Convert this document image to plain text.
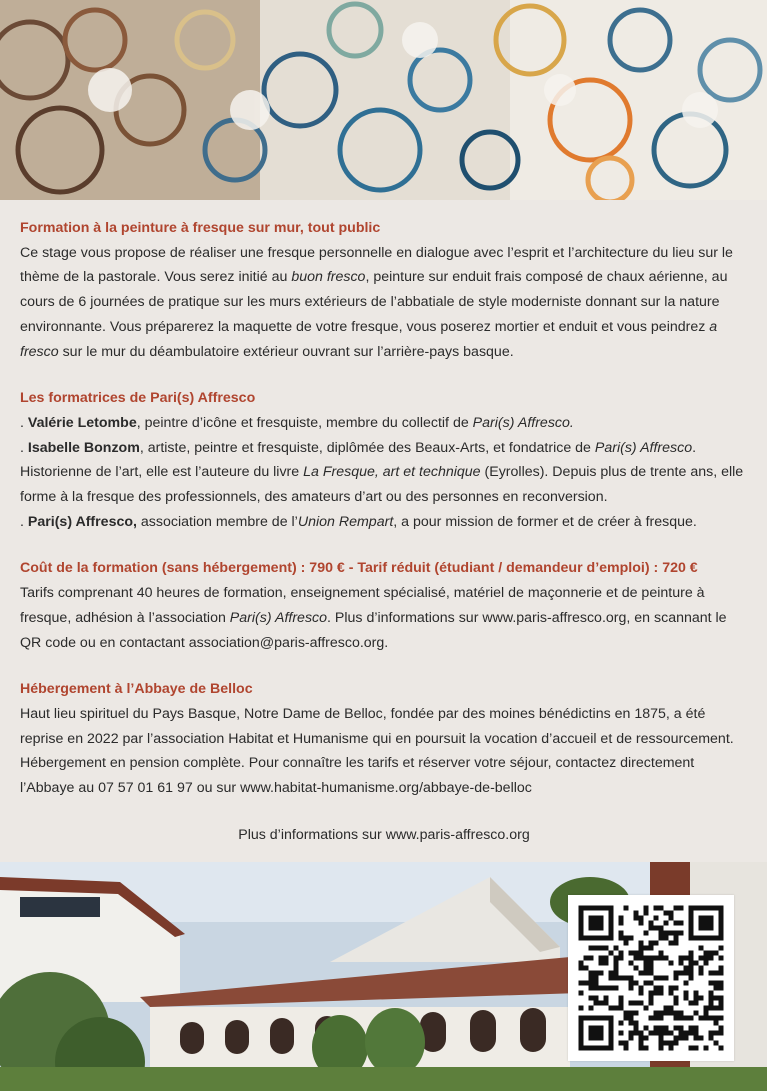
Formation à la peinture à fresque sur mur, tout public
Ce stage vous propose de réaliser une fresque personnelle en dialogue avec l’esprit et l’architecture du lieu sur le thème de la pastorale. Vous serez initié au buon fresco, peinture sur enduit frais composé de chaux aérienne, au cours de 6 journées de pratique sur les murs extérieurs de l’abbatiale de style moderniste donnant sur la nature environnante. Vous préparerez la maquette de votre fresque, vous poserez mortier et enduit et vous peindrez a fresco sur le mur du déambulatoire extérieur ouvrant sur l’arrière-pays basque.
Les formatrices de Pari(s) Affresco
. Valérie Letombe, peintre d’icône et fresquiste, membre du collectif de Pari(s) Affresco.
. Isabelle Bonzom, artiste, peintre et fresquiste, diplômée des Beaux-Arts, et fondatrice de Pari(s) Affresco. Historienne de l’art, elle est l’auteure du livre La Fresque, art et technique (Eyrolles). Depuis plus de trente ans, elle forme à la fresque des professionnels, des amateurs d’art ou des personnes en reconversion.
. Pari(s) Affresco, association membre de l’Union Rempart, a pour mission de former et de créer à fresque.
Coût de la formation (sans hébergement) : 790 € - Tarif réduit (étudiant / demandeur d’emploi) : 720 €
Tarifs comprenant 40 heures de formation, enseignement spécialisé, matériel de maçonnerie et de peinture à fresque, adhésion à l’association Pari(s) Affresco. Plus d’informations sur www.paris-affresco.org, en scannant le QR code ou en contactant association@paris-affresco.org.
Hébergement à l’Abbaye de Belloc
Haut lieu spirituel du Pays Basque, Notre Dame de Belloc, fondée par des moines bénédictins en 1875, a été reprise en 2022 par l’association Habitat et Humanisme qui en poursuit la vocation d’accueil et de ressourcement. Hébergement en pension complète. Pour connaître les tarifs et réserver votre séjour, contactez directement l’Abbaye au 07 57 01 61 97 ou sur www.habitat-humanisme.org/abbaye-de-belloc
Plus d’informations sur www.paris-affresco.org
